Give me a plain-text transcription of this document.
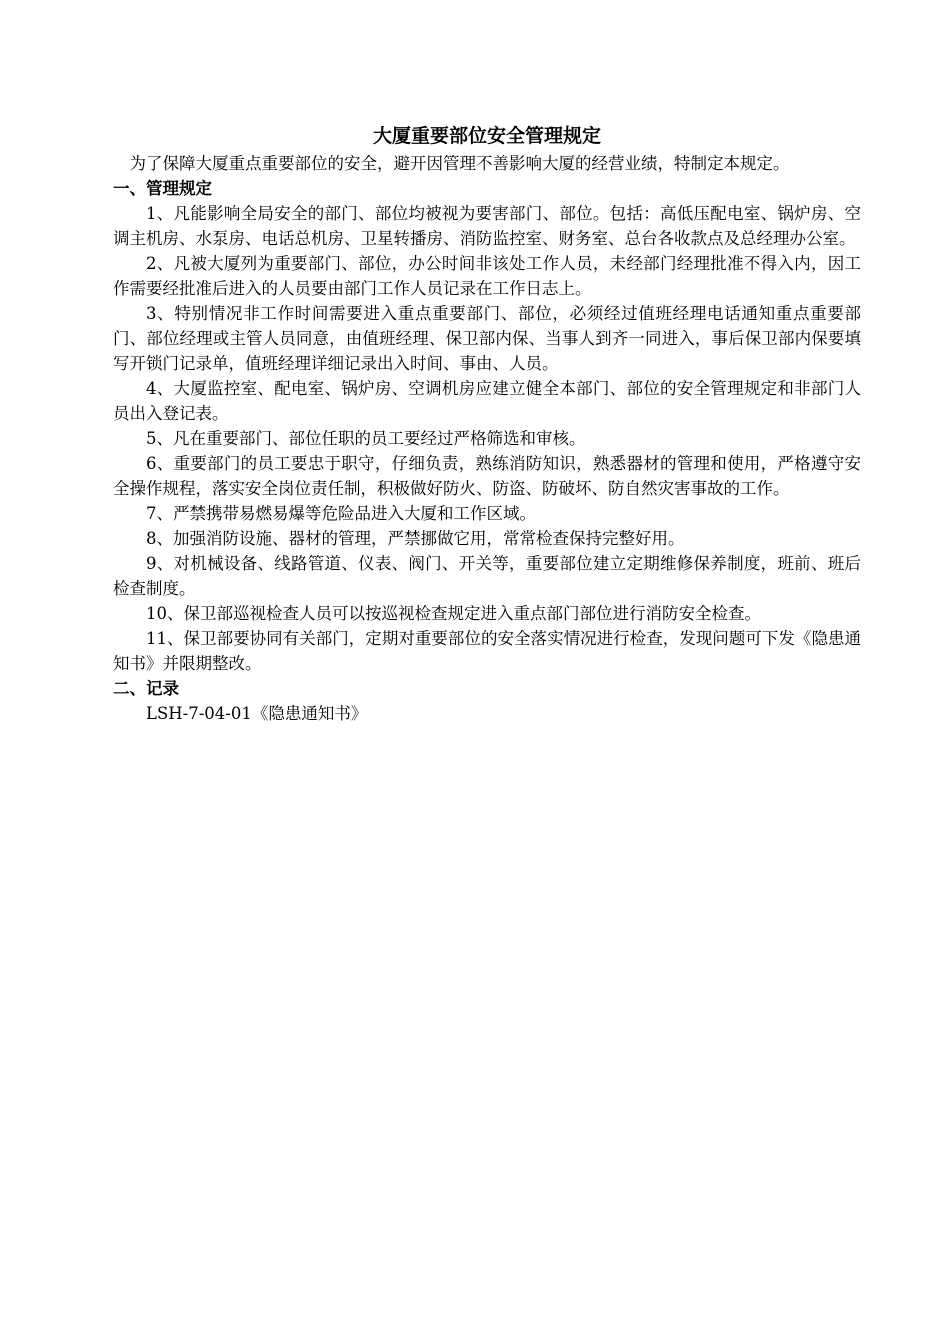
大厦重要部位安全管理规定

为了保障大厦重点重要部位的安全，避开因管理不善影响大厦的经营业绩，特制定本规定。

一、管理规定

1、凡能影响全局安全的部门、部位均被视为要害部门、部位。包括：高低压配电室、锅炉房、空调主机房、水泵房、电话总机房、卫星转播房、消防监控室、财务室、总台各收款点及总经理办公室。

2、凡被大厦列为重要部门、部位，办公时间非该处工作人员，未经部门经理批准不得入内，因工作需要经批准后进入的人员要由部门工作人员记录在工作日志上。

3、特别情况非工作时间需要进入重点重要部门、部位，必须经过值班经理电话通知重点重要部门、部位经理或主管人员同意，由值班经理、保卫部内保、当事人到齐一同进入，事后保卫部内保要填写开锁门记录单，值班经理详细记录出入时间、事由、人员。

4、大厦监控室、配电室、锅炉房、空调机房应建立健全本部门、部位的安全管理规定和非部门人员出入登记表。

5、凡在重要部门、部位任职的员工要经过严格筛选和审核。

6、重要部门的员工要忠于职守，仔细负责，熟练消防知识，熟悉器材的管理和使用，严格遵守安全操作规程，落实安全岗位责任制，积极做好防火、防盗、防破坏、防自然灾害事故的工作。

7、严禁携带易燃易爆等危险品进入大厦和工作区域。

8、加强消防设施、器材的管理，严禁挪做它用，常常检查保持完整好用。

9、对机械设备、线路管道、仪表、阀门、开关等，重要部位建立定期维修保养制度，班前、班后检查制度。

10、保卫部巡视检查人员可以按巡视检查规定进入重点部门部位进行消防安全检查。

11、保卫部要协同有关部门，定期对重要部位的安全落实情况进行检查，发现问题可下发《隐患通知书》并限期整改。

二、记录

LSH-7-04-01《隐患通知书》
